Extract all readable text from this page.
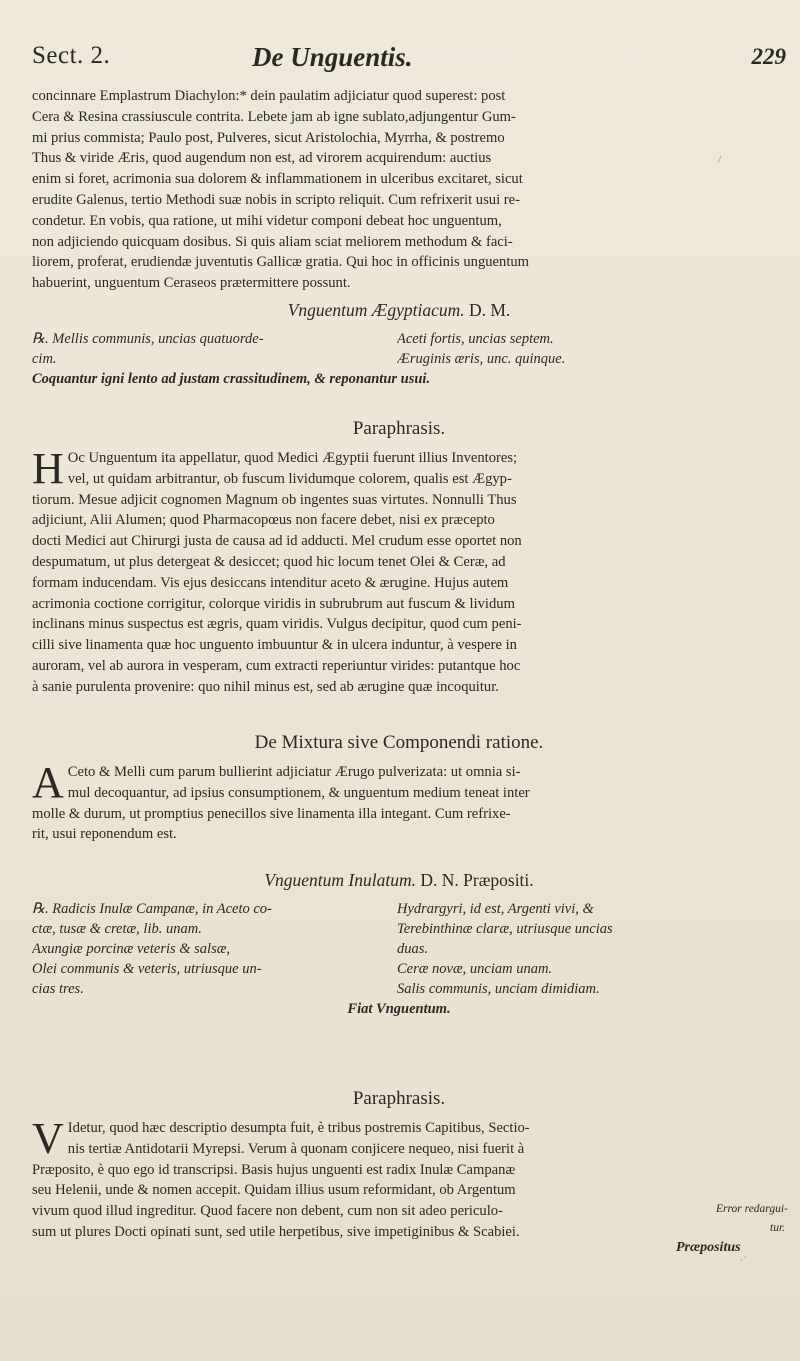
Sect. 2.	De Unguentis.	229
concinnare Emplastrum Diachylon:* dein paulatim adjiciatur quod superest: post
Cera & Resina crassiuscule contrita. Lebete jam ab igne sublato,adjungentur Gum-
mi prius commista; Paulo post, Pulveres, sicut Aristolochia, Myrrha, & postremo
Thus & viride Æris, quod augendum non est, ad virorem acquirendum: auctius
enim si foret, acrimonia sua dolorem & inflammationem in ulceribus excitaret, sicut
erudite Galenus, tertio Methodi suæ nobis in scripto reliquit. Cum refrixerit usui re-
condetur. En vobis, qua ratione, ut mihi videtur componi debeat hoc unguentum,
non adjiciendo quicquam dosibus. Si quis aliam sciat meliorem methodum & faci-
liorem, proferat, erudiendæ juventutis Gallicæ gratia. Qui hoc in officinis unguentum
habuerint, unguentum Ceraseos prætermittere possunt.

Vnguentum Ægyptiacum. D. M.

℞. Mellis communis, uncias quatuordе-	Aceti fortis, uncias septem.
cim.	Æruginis æris, unc. quinque.
Coquantur igni lento ad justam crassitudinem, & reponantur usui.

Paraphrasis.

H Oc Unguentum ita appellatur, quod Medici Ægyptii fuerunt illius Inventores;
vel, ut quidam arbitrantur, ob fuscum lividumque colorem, qualis est Ægyp-
tiorum. Mesue adjicit cognomen Magnum ob ingentes suas virtutes. Nonnulli Thus
adjiciunt, Alii Alumen; quod Pharmacopœus non facere debet, nisi ex præcepto
docti Medici aut Chirurgi justa de causa ad id adducti. Mel crudum esse oportet non
despumatum, ut plus detergeat & desiccet; quod hic locum tenet Olei & Ceræ, ad
formam inducendam. Vis ejus desiccans intenditur aceto & ærugine. Hujus autem
acrimonia coctione corrigitur, colorque viridis in subrubrum aut fuscum & lividum
inclinans minus suspectus est ægris, quam viridis. Vulgus decipitur, quod cum peni-
cilli sive linamenta quæ hoc unguento imbuuntur & in ulcera induntur, à vespere in
auroram, vel ab aurora in vesperam, cum extracti reperiuntur virides: putantque hoc
à sanie purulenta provenire: quo nihil minus est, sed ab ærugine quæ incoquitur.

De Mixtura sive Componendi ratione.

A Ceto & Melli cum parum bullierint adjiciatur Ærugo pulverizata: ut omnia si-
mul decoquantur, ad ipsius consumptionem, & unguentum medium teneat inter
molle & durum, ut promptius penecillos sive linamenta illa integant. Cum refrixe-
rit, usui reponendum est.

Vnguentum Inulatum. D. N. Præpositi.

℞. Radicis Inulæ Campanæ, in Aceto co-	Hydrargyri, id est, Argenti vivi, &
ctæ, tusæ & cretæ, lib. unam.	Terebinthinæ claræ, utriusque uncias
Axungiæ porcinæ veteris & salsæ,	duas.
Olei communis & veteris, utriusque un-	Ceræ novæ, unciam unam.
cias tres.	Salis communis, unciam dimidiam.
Fiat Vnguentum.

Paraphrasis.

V Idetur, quod hæc descriptio desumpta fuit, è tribus postremis Capitibus, Sectio-
nis tertiæ Antidotarii Myrepsi. Verum à quonam conjicere nequeo, nisi fuerit à
Præposito, è quo ego id transcripsi. Basis hujus unguenti est radix Inulæ Campanæ
seu Helenii, unde & nomen accepit. Quidam illius usum reformidant, ob Argentum
vivum quod illud ingreditur. Quod facere non debent, cum non sit adeo periculo-
sum ut plures Docti opinati sunt, sed utile herpetibus, sive impetiginibus & Scabiei.
Error redargui-
tur.
Præpositus
/
.·
